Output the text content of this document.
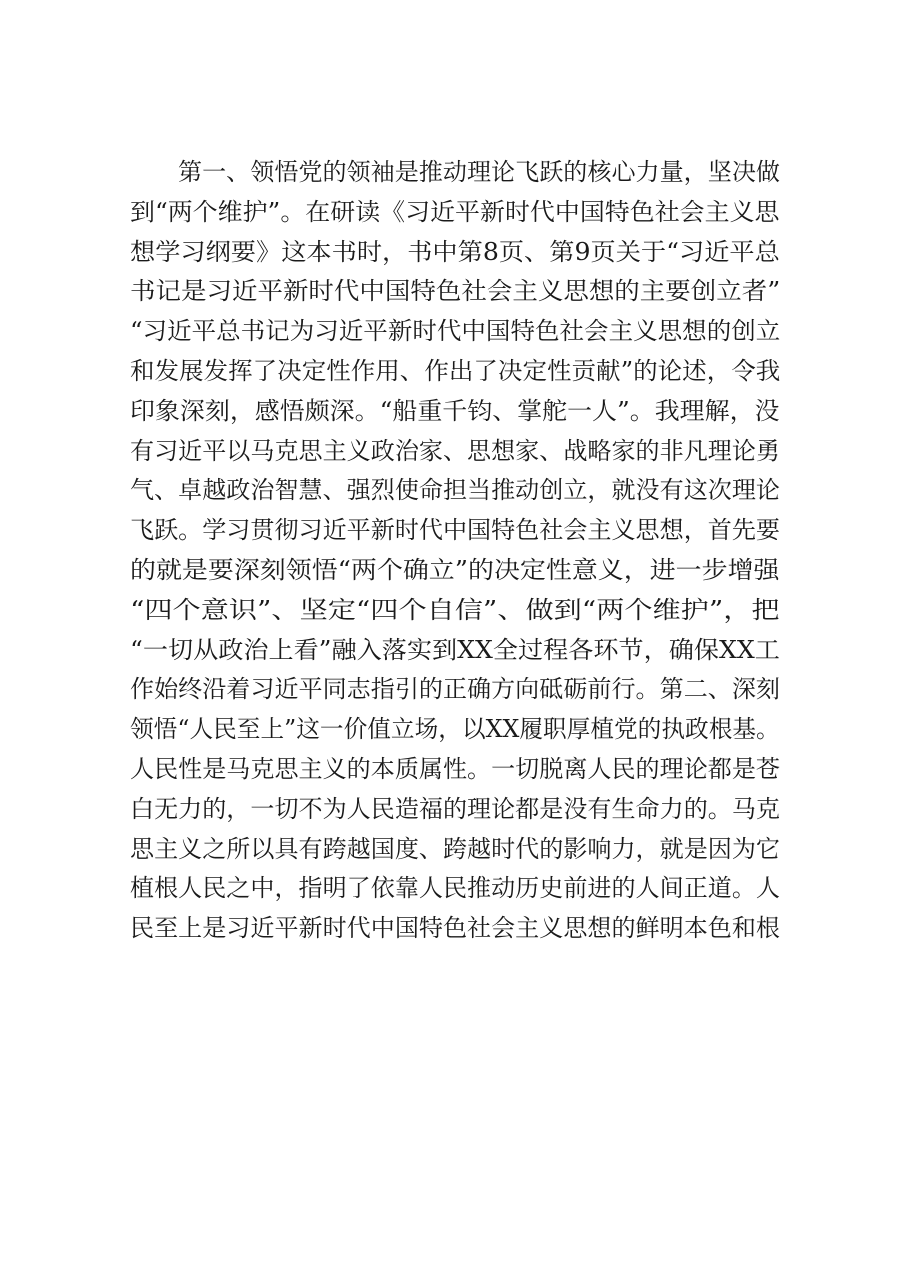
第一、领悟党的领袖是推动理论飞跃的核心力量，坚决做
到“两个维护”。在研读《习近平新时代中国特色社会主义思
想学习纲要》这本书时，书中第8页、第9页关于“习近平总
书记是习近平新时代中国特色社会主义思想的主要创立者”
“习近平总书记为习近平新时代中国特色社会主义思想的创立
和发展发挥了决定性作用、作出了决定性贡献”的论述，令我
印象深刻，感悟颇深。“船重千钧、掌舵一人”。我理解，没
有习近平以马克思主义政治家、思想家、战略家的非凡理论勇
气、卓越政治智慧、强烈使命担当推动创立，就没有这次理论
飞跃。学习贯彻习近平新时代中国特色社会主义思想，首先要
的就是要深刻领悟“两个确立”的决定性意义，进一步增强
“四个意识”、坚定“四个自信”、做到“两个维护”，把
“一切从政治上看”融入落实到XX全过程各环节，确保XX工
作始终沿着习近平同志指引的正确方向砥砺前行。第二、深刻
领悟“人民至上”这一价值立场，以XX履职厚植党的执政根基。
人民性是马克思主义的本质属性。一切脱离人民的理论都是苍
白无力的，一切不为人民造福的理论都是没有生命力的。马克
思主义之所以具有跨越国度、跨越时代的影响力，就是因为它
植根人民之中，指明了依靠人民推动历史前进的人间正道。人
民至上是习近平新时代中国特色社会主义思想的鲜明本色和根
